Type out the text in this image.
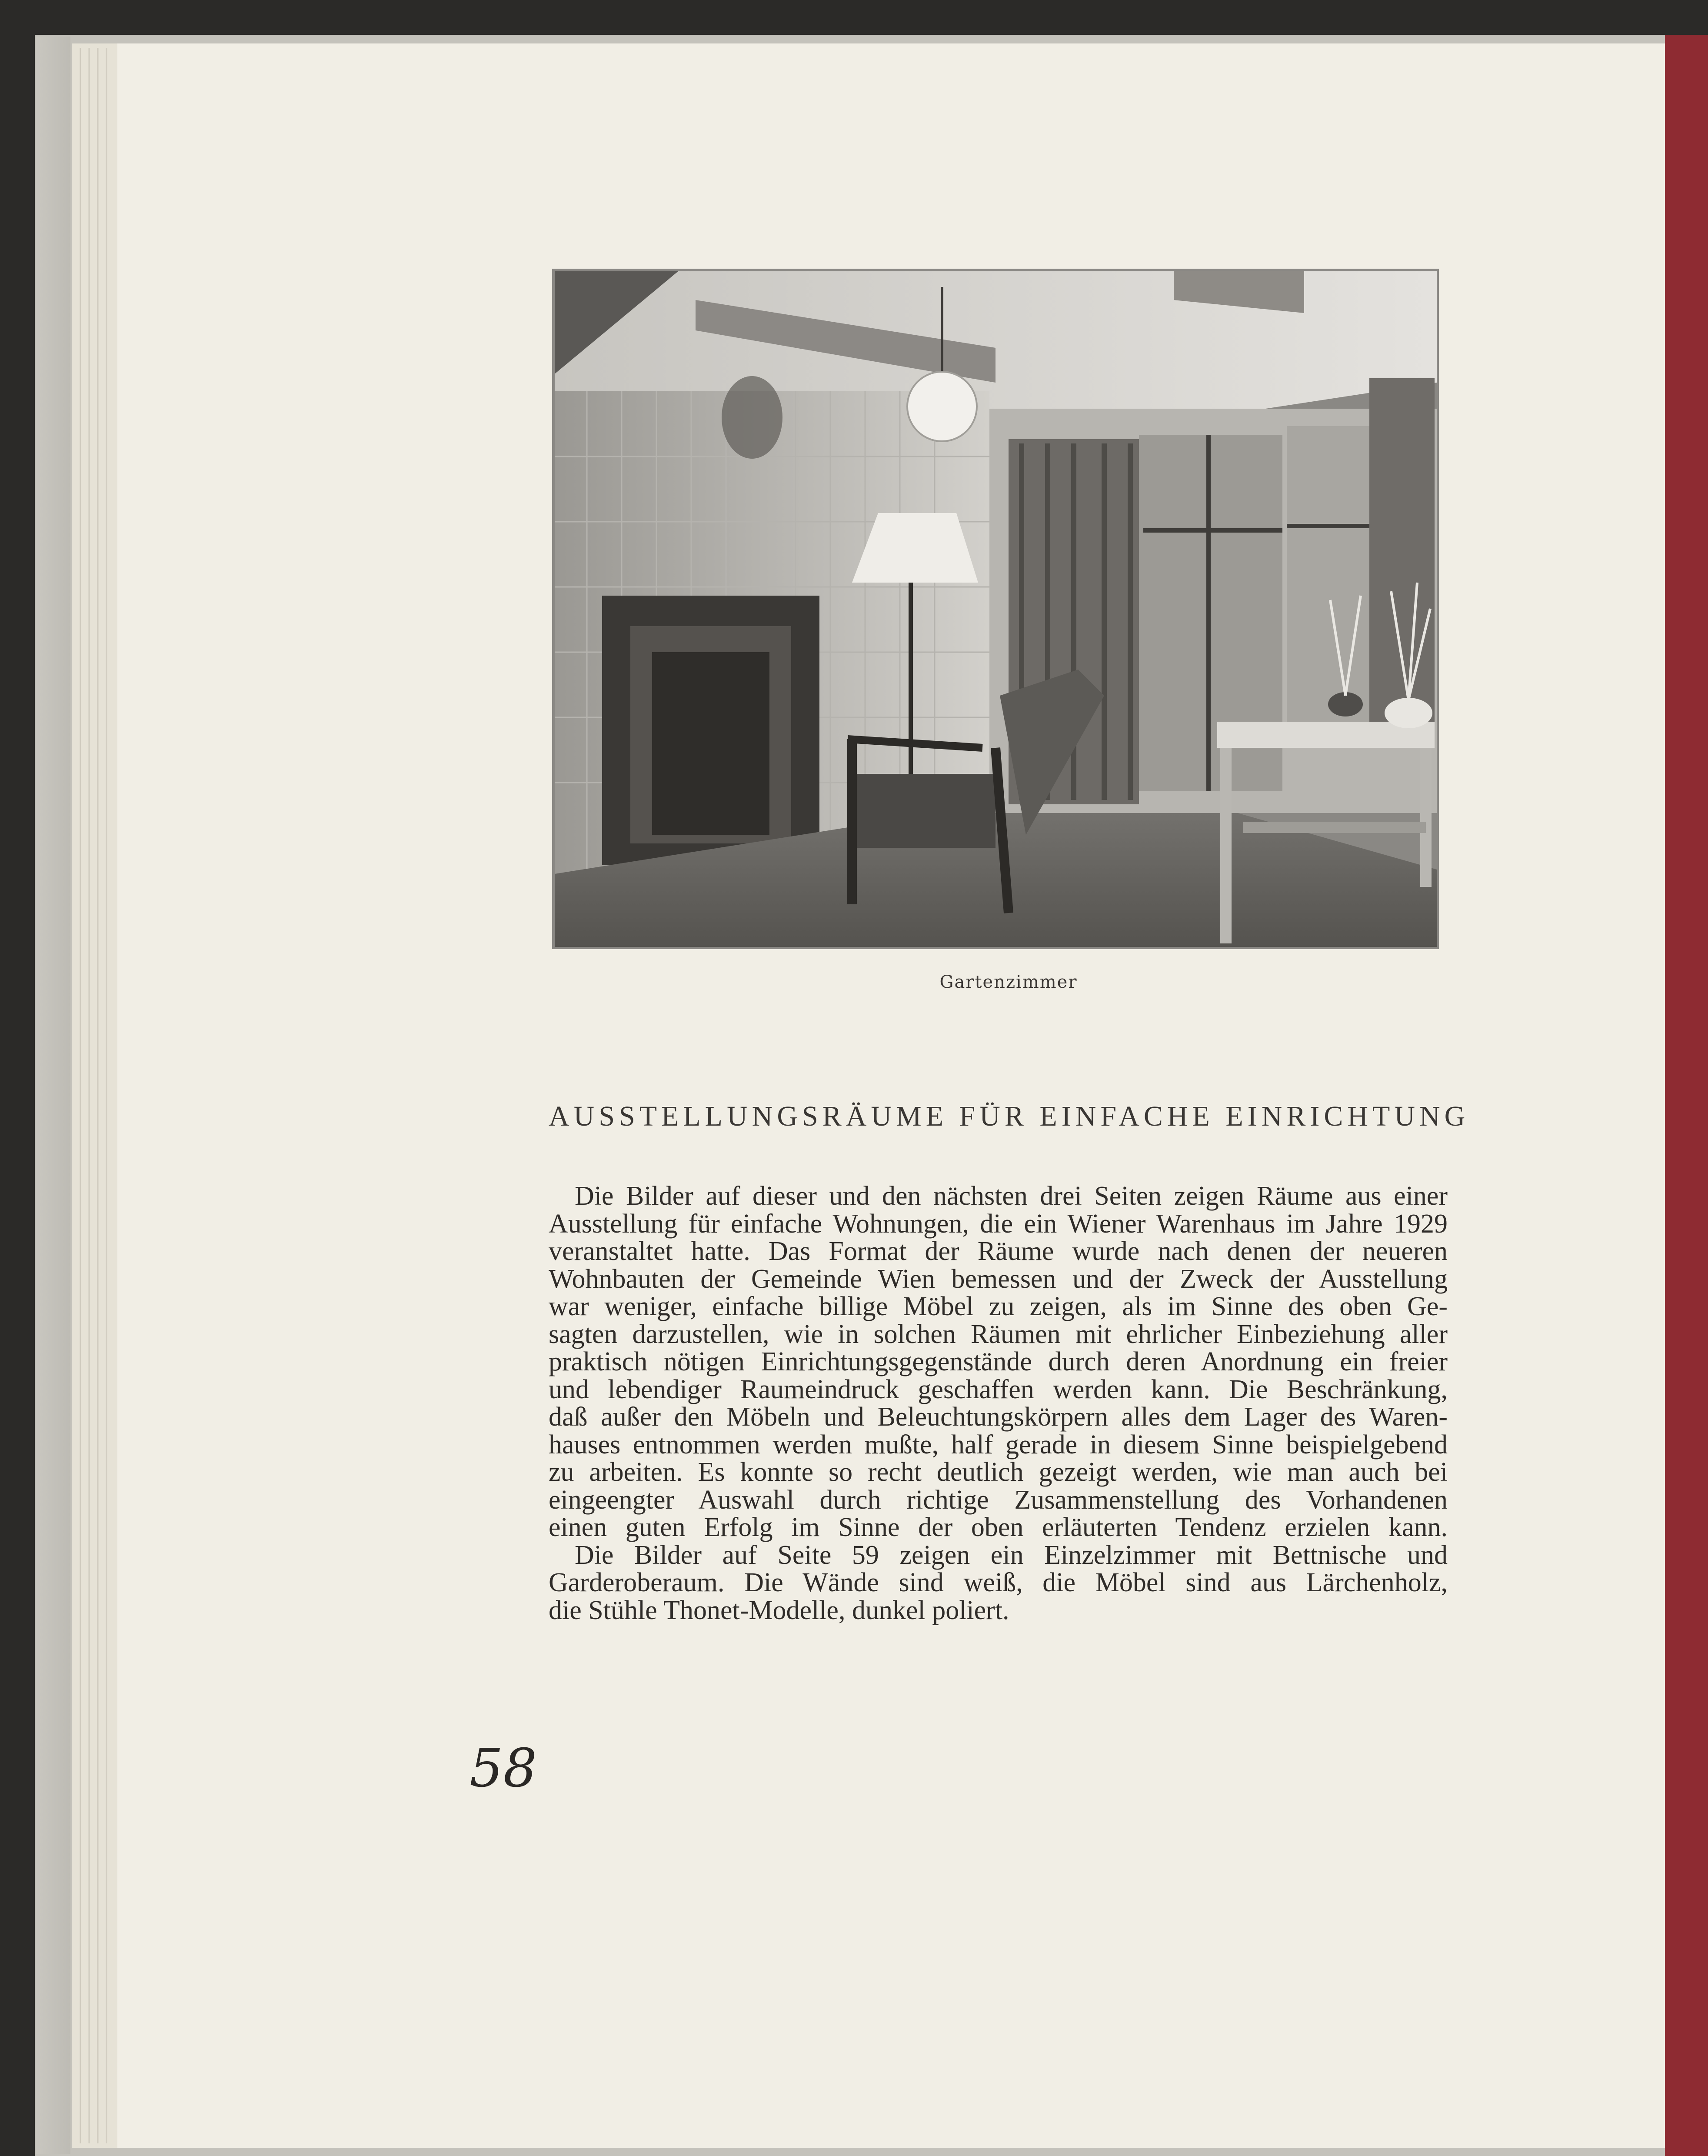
Gartenzimmer
AUSSTELLUNGSRÄUME FÜR EINFACHE EINRICHTUNG
Die Bilder auf dieser und den nächsten drei Seiten zeigen Räume aus einer
Ausstellung für einfache Wohnungen, die ein Wiener Warenhaus im Jahre 1929
veranstaltet hatte. Das Format der Räume wurde nach denen der neueren
Wohnbauten der Gemeinde Wien bemessen und der Zweck der Ausstellung
war weniger, einfache billige Möbel zu zeigen, als im Sinne des oben Ge-
sagten darzustellen, wie in solchen Räumen mit ehrlicher Einbeziehung aller
praktisch nötigen Einrichtungsgegenstände durch deren Anordnung ein freier
und lebendiger Raumeindruck geschaffen werden kann. Die Beschränkung,
daß außer den Möbeln und Beleuchtungskörpern alles dem Lager des Waren-
hauses entnommen werden mußte, half gerade in diesem Sinne beispielgebend
zu arbeiten. Es konnte so recht deutlich gezeigt werden, wie man auch bei
eingeengter Auswahl durch richtige Zusammenstellung des Vorhandenen
einen guten Erfolg im Sinne der oben erläuterten Tendenz erzielen kann.
Die Bilder auf Seite 59 zeigen ein Einzelzimmer mit Bettnische und
Garderoberaum. Die Wände sind weiß, die Möbel sind aus Lärchenholz,
die Stühle Thonet-Modelle, dunkel poliert.
58
